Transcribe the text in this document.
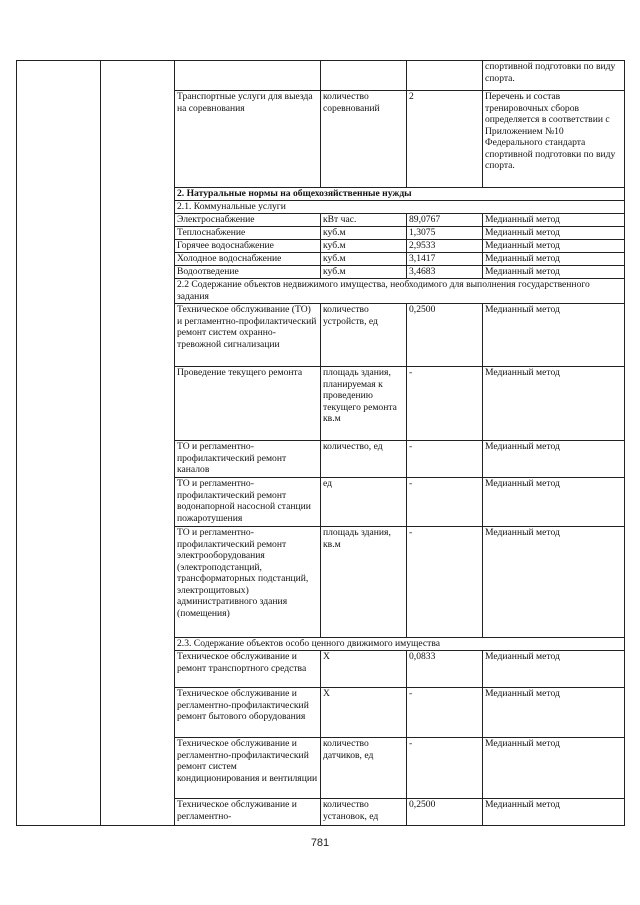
					спортивной подготовки по виду спорта.
		Транспортные услуги для выезда на соревнования	количество соревнований	2	Перечень и состав тренировочных сборов определяется в соответствии с Приложением №10 Федерального стандарта спортивной подготовки по виду спорта.
		2. Натуральные нормы на общехозяйственные нужды			
		2.1. Коммунальные услуги			
		Электроснабжение	кВт час.	89,0767	Медианный метод
		Теплоснабжение	куб.м	1,3075	Медианный метод
		Горячее водоснабжение	куб.м	2,9533	Медианный метод
		Холодное водоснабжение	куб.м	3,1417	Медианный метод
		Водоотведение	куб.м	3,4683	Медианный метод
		2.2 Содержание объектов недвижимого имущества, необходимого для выполнения государственного задания			
		Техническое обслуживание (ТО) и регламентно-профилактический ремонт систем охранно-тревожной сигнализации	количество устройств, ед	0,2500	Медианный метод
		Проведение текущего ремонта	площадь здания, планируемая к проведению текущего ремонта кв.м	-	Медианный метод
		ТО и регламентно-профилактический ремонт каналов	количество, ед	-	Медианный метод
		ТО и регламентно-профилактический ремонт водонапорной насосной станции пожаротушения	ед	-	Медианный метод
		ТО и регламентно-профилактический ремонт электрооборудования (электроподстанций, трансформаторных подстанций, электрощитовых) административного здания (помещения)	площадь здания, кв.м	-	Медианный метод
		2.3. Содержание объектов особо ценного движимого имущества			
		Техническое обслуживание и ремонт транспортного средства	X	0,0833	Медианный метод
		Техническое обслуживание и регламентно-профилактический ремонт бытового оборудования	X	-	Медианный метод
		Техническое обслуживание и регламентно-профилактический ремонт систем кондиционирования и вентиляции	количество датчиков, ед	-	Медианный метод
		Техническое обслуживание и регламентно-	количество установок, ед	0,2500	Медианный метод
781
